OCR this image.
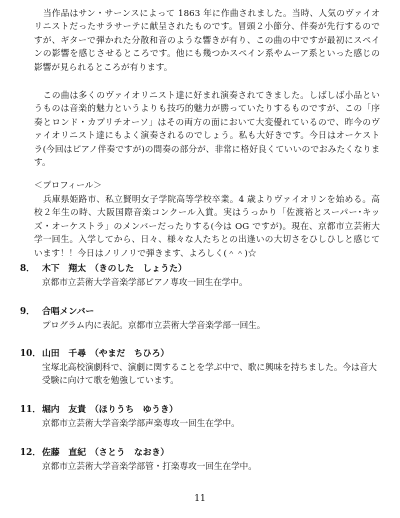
当作品はサン・サーンスによって 1863 年に作曲されました。当時、人気のヴァイオリニストだったサラサーテに献呈されたものです。冒頭２小節分、伴奏が先行するのですが、ギターで弾かれた分散和音のような響きが有り、この曲の中ですが最初にスペインの影響を感じさせるところです。他にも幾つかスペイン系やムーア系といった感じの影響が見られるところが有ります。

この曲は多くのヴァイオリニスト達に好まれ演奏されてきました。しばしば小品というものは音楽的魅力というよりも技巧的魅力が勝っていたりするものですが、この「序奏とロンド・カプリチオーソ」はその両方の面において大変優れているので、昨今のヴァイオリニスト達にもよく演奏されるのでしょう。私も大好きです。今日はオーケストラ(今回はピアノ伴奏ですが)の間奏の部分が、非常に格好良くていいのでおみたくなります。

＜プロフィール＞

兵庫県姫路市、私立賢明女子学院高等学校卒業。4 歳よりヴァイオリンを始める。高校２年生の時、大阪国際音楽コンクール入賞。実はうっかり「佐渡裕とスーパー･キッズ・オーケストラ」のメンバーだったりする(今は OG ですが)。現在、京都市立芸術大学一回生。入学してから、日々、様々な人たちとの出逢いの大切さをひしひしと感じています！！今日はノリノリで弾きます、よろしく(＾＾)☆

8． 木下　翔太 （きのした　しょうた）

京都市立芸術大学音楽学部ピアノ専攻一回生在学中。

9． 合唱メンバー

プログラム内に表記。京都市立芸術大学音楽学部一回生。

10．山田　千尋 （やまだ　ちひろ）

宝塚北高校演劇科で、演劇に関することを学ぶ中で、歌に興味を持ちました。今は音大受験に向けて歌を勉強しています。

11．堀内　友貴 （ほりうち　ゆうき）

京都市立芸術大学音楽学部声楽専攻一回生在学中。

12．佐藤　直紀 （さとう　なおき）

京都市立芸術大学音楽学部管・打楽専攻一回生在学中。

11
